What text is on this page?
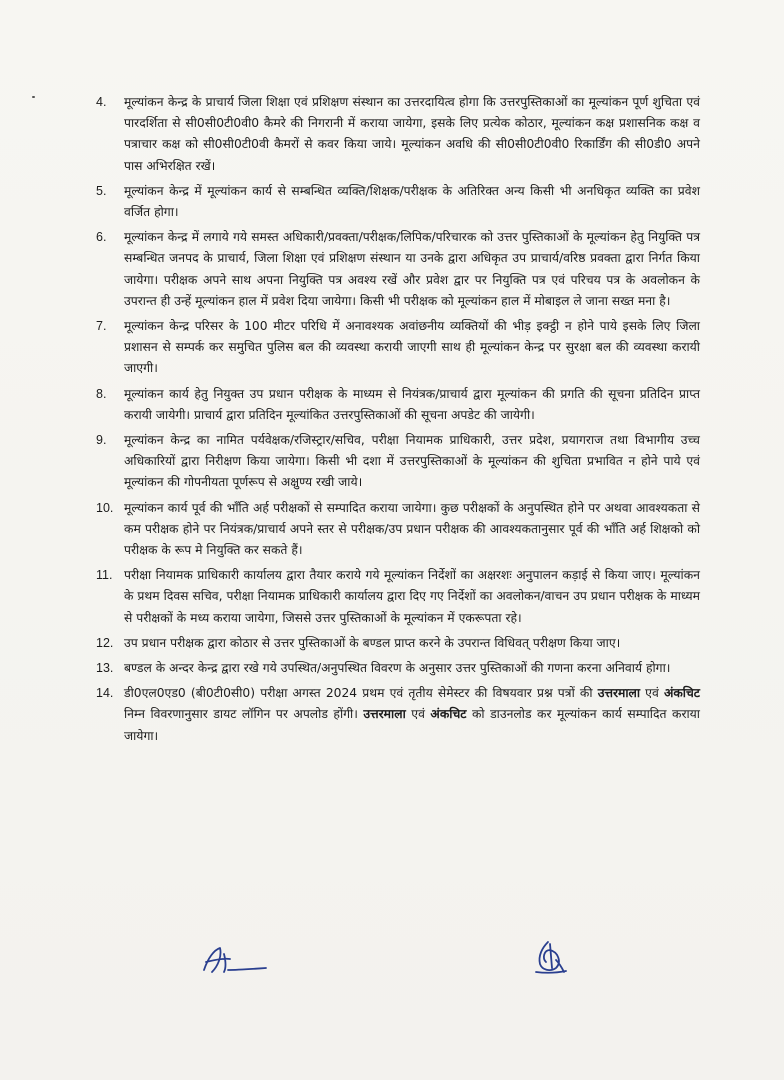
4. मूल्यांकन केन्द्र के प्राचार्य जिला शिक्षा एवं प्रशिक्षण संस्थान का उत्तरदायित्व होगा कि उत्तरपुस्तिकाओं का मूल्यांकन पूर्ण शुचिता एवं पारदर्शिता से सी0सी0टी0वी0 कैमरे की निगरानी में कराया जायेगा, इसके लिए प्रत्येक कोठार, मूल्यांकन कक्ष प्रशासनिक कक्ष व पत्राचार कक्ष को सी0सी0टी0वी कैमरों से कवर किया जाये। मूल्यांकन अवधि की सी0सी0टी0वी0 रिकार्डिंग की सी0डी0 अपने पास अभिरक्षित रखें।
5. मूल्यांकन केन्द्र में मूल्यांकन कार्य से सम्बन्धित व्यक्ति/शिक्षक/परीक्षक के अतिरिक्त अन्य किसी भी अनधिकृत व्यक्ति का प्रवेश वर्जित होगा।
6. मूल्यांकन केन्द्र में लगाये गये समस्त अधिकारी/प्रवक्ता/परीक्षक/लिपिक/परिचारक को उत्तर पुस्तिकाओं के मूल्यांकन हेतु नियुक्ति पत्र सम्बन्धित जनपद के प्राचार्य, जिला शिक्षा एवं प्रशिक्षण संस्थान या उनके द्वारा अधिकृत उप प्राचार्य/वरिष्ठ प्रवक्ता द्वारा निर्गत किया जायेगा। परीक्षक अपने साथ अपना नियुक्ति पत्र अवश्य रखें और प्रवेश द्वार पर नियुक्ति पत्र एवं परिचय पत्र के अवलोकन के उपरान्त ही उन्हें मूल्यांकन हाल में प्रवेश दिया जायेगा। किसी भी परीक्षक को मूल्यांकन हाल में मोबाइल ले जाना सख्त मना है।
7. मूल्यांकन केन्द्र परिसर के 100 मीटर परिधि में अनावश्यक अवांछनीय व्यक्तियों की भीड़ इक्ट्ठी न होने पाये इसके लिए जिला प्रशासन से सम्पर्क कर समुचित पुलिस बल की व्यवस्था करायी जाएगी साथ ही मूल्यांकन केन्द्र पर सुरक्षा बल की व्यवस्था करायी जाएगी।
8. मूल्यांकन कार्य हेतु नियुक्त उप प्रधान परीक्षक के माध्यम से नियंत्रक/प्राचार्य द्वारा मूल्यांकन की प्रगति की सूचना प्रतिदिन प्राप्त करायी जायेगी। प्राचार्य द्वारा प्रतिदिन मूल्यांकित उत्तरपुस्तिकाओं की सूचना अपडेट की जायेगी।
9. मूल्यांकन केन्द्र का नामित पर्यवेक्षक/रजिस्ट्रार/सचिव, परीक्षा नियामक प्राधिकारी, उत्तर प्रदेश, प्रयागराज तथा विभागीय उच्च अधिकारियों द्वारा निरीक्षण किया जायेगा। किसी भी दशा में उत्तरपुस्तिकाओं के मूल्यांकन की शुचिता प्रभावित न होने पाये एवं मूल्यांकन की गोपनीयता पूर्णरूप से अक्षुण्य रखी जाये।
10. मूल्यांकन कार्य पूर्व की भाँति अर्ह परीक्षकों से सम्पादित कराया जायेगा। कुछ परीक्षकों के अनुपस्थित होने पर अथवा आवश्यकता से कम परीक्षक होने पर नियंत्रक/प्राचार्य अपने स्तर से परीक्षक/उप प्रधान परीक्षक की आवश्यकतानुसार पूर्व की भाँति अर्ह शिक्षको को परीक्षक के रूप मे नियुक्ति कर सकते हैं।
11. परीक्षा नियामक प्राधिकारी कार्यालय द्वारा तैयार कराये गये मूल्यांकन निर्देशों का अक्षरशः अनुपालन कड़ाई से किया जाए। मूल्यांकन के प्रथम दिवस सचिव, परीक्षा नियामक प्राधिकारी कार्यालय द्वारा दिए गए निर्देशों का अवलोकन/वाचन उप प्रधान परीक्षक के माध्यम से परीक्षकों के मध्य कराया जायेगा, जिससे उत्तर पुस्तिकाओं के मूल्यांकन में एकरूपता रहे।
12. उप प्रधान परीक्षक द्वारा कोठार से उत्तर पुस्तिकाओं के बण्डल प्राप्त करने के उपरान्त विधिवत् परीक्षण किया जाए।
13. बण्डल के अन्दर केन्द्र द्वारा रखे गये उपस्थित/अनुपस्थित विवरण के अनुसार उत्तर पुस्तिकाओं की गणना करना अनिवार्य होगा।
14. डी0एल0एड0 (बी0टी0सी0) परीक्षा अगस्त 2024 प्रथम एवं तृतीय सेमेस्टर की विषयवार प्रश्न पत्रों की उत्तरमाला एवं अंकचिट निम्न विवरणानुसार डायट लॉगिन पर अपलोड होंगी। उत्तरमाला एवं अंकचिट को डाउनलोड कर मूल्यांकन कार्य सम्पादित कराया जायेगा।
